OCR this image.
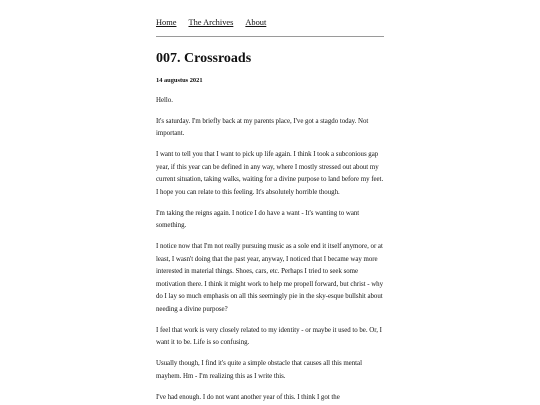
Home The Archives About
007. Crossroads
14 augustus 2021

Hello.

It's saturday. I'm briefly back at my parents place, I've got a stagdo today. Not important.

I want to tell you that I want to pick up life again. I think I took a subconious gap year, if this year can be defined in any way, where I mostly stressed out about my current situation, taking walks, waiting for a divine purpose to land before my feet. I hope you can relate to this feeling. It's absolutely horrible though.

I'm taking the reigns again. I notice I do have a want - It's wanting to want something.

I notice now that I'm not really pursuing music as a sole end it itself anymore, or at least, I wasn't doing that the past year, anyway, I noticed that I became way more interested in material things. Shoes, cars, etc. Perhaps I tried to seek some motivation there. I think it might work to help me propell forward, but christ - why do I lay so much emphasis on all this seemingly pie in the sky-esque bullshit about needing a divine purpose?

I feel that work is very closely related to my identity - or maybe it used to be. Or, I want it to be. Life is so confusing.

Usually though, I find it's quite a simple obstacle that causes all this mental mayhem. Hm - I'm realizing this as I write this.

I've had enough. I do not want another year of this. I think I got the
